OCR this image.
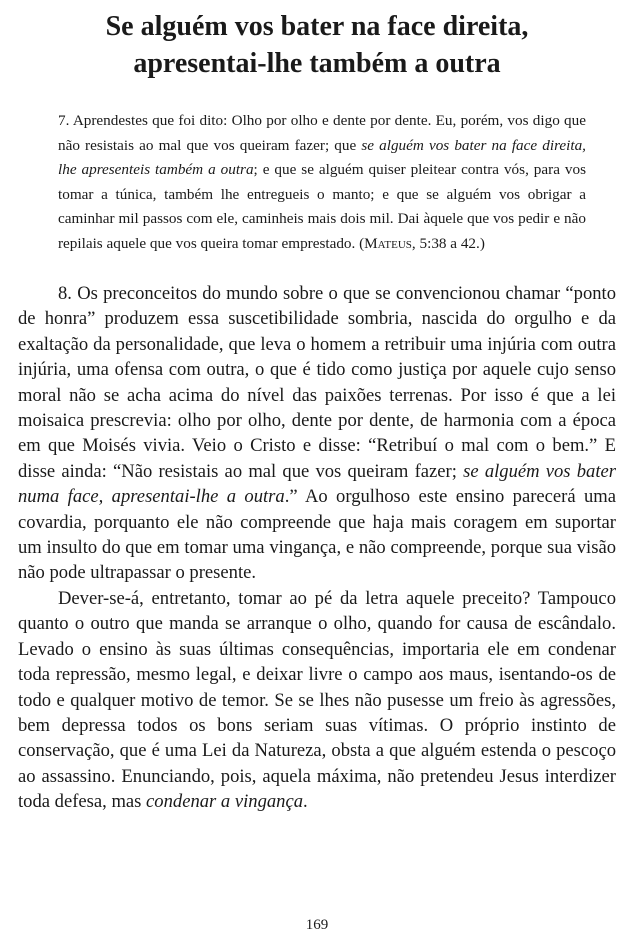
Se alguém vos bater na face direita,
apresentai-lhe também a outra

7. Aprendestes que foi dito: Olho por olho e dente por dente. Eu, porém, vos digo que não resistais ao mal que vos queiram fazer; que se alguém vos bater na face direita, lhe apresenteis também a outra; e que se alguém quiser pleitear contra vós, para vos tomar a túnica, também lhe entregueis o manto; e que se alguém vos obrigar a caminhar mil passos com ele, caminheis mais dois mil. Dai àquele que vos pedir e não repilais aquele que vos queira tomar emprestado. (Mateus, 5:38 a 42.)

8. Os preconceitos do mundo sobre o que se convencionou chamar “ponto de honra” produzem essa suscetibilidade sombria, nascida do orgulho e da exaltação da personalidade, que leva o homem a retribuir uma injúria com outra injúria, uma ofensa com outra, o que é tido como justiça por aquele cujo senso moral não se acha acima do nível das paixões terrenas. Por isso é que a lei moisaica prescrevia: olho por olho, dente por dente, de harmonia com a época em que Moisés vivia. Veio o Cristo e disse: “Retribuí o mal com o bem.” E disse ainda: “Não resistais ao mal que vos queiram fazer; se alguém vos bater numa face, apresentai-lhe a outra.” Ao orgulhoso este ensino parecerá uma covardia, porquanto ele não compreende que haja mais coragem em suportar um insulto do que em tomar uma vingança, e não compreende, porque sua visão não pode ultrapassar o presente.

Dever-se-á, entretanto, tomar ao pé da letra aquele preceito? Tampouco quanto o outro que manda se arranque o olho, quando for causa de escândalo. Levado o ensino às suas últimas consequências, importaria ele em condenar toda repressão, mesmo legal, e deixar livre o campo aos maus, isentando-os de todo e qualquer motivo de temor. Se se lhes não pusesse um freio às agressões, bem depressa todos os bons seriam suas vítimas. O próprio instinto de conservação, que é uma Lei da Natureza, obsta a que alguém estenda o pescoço ao assassino. Enunciando, pois, aquela máxima, não pretendeu Jesus interdizer toda defesa, mas condenar a vingança.

169
